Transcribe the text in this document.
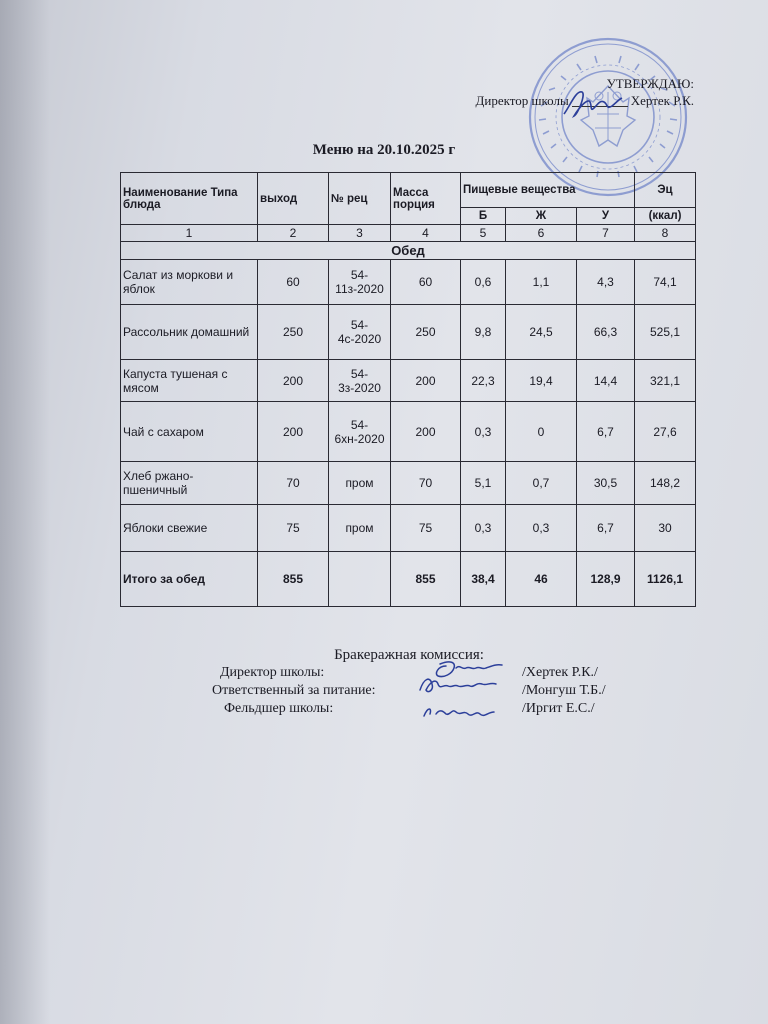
УТВЕРЖДАЮ:
Директор школы	Хертек Р.К.
Меню на 20.10.2025 г
Наименование Типа блюда	выход	№ рец	Масса порция	Пищевые вещества			Эц
				Б	Ж	У	(ккал)
1	2	3	4	5	6	7	8
Обед							
Салат из моркови и яблок	60	54-11з-2020	60	0,6	1,1	4,3	74,1
Рассольник домашний	250	54-4с-2020	250	9,8	24,5	66,3	525,1
Капуста тушеная с мясом	200	54-3з-2020	200	22,3	19,4	14,4	321,1
Чай с сахаром	200	54-6хн-2020	200	0,3	0	6,7	27,6
Хлеб ржано-пшеничный	70	пром	70	5,1	0,7	30,5	148,2
Яблоки свежие	75	пром	75	0,3	0,3	6,7	30
Итого за обед	855		855	38,4	46	128,9	1126,1
Бракеражная комиссия:
Директор школы:	/Хертек Р.К./
Ответственный за питание:	/Монгуш Т.Б./
Фельдшер школы:	/Иргит Е.С./
